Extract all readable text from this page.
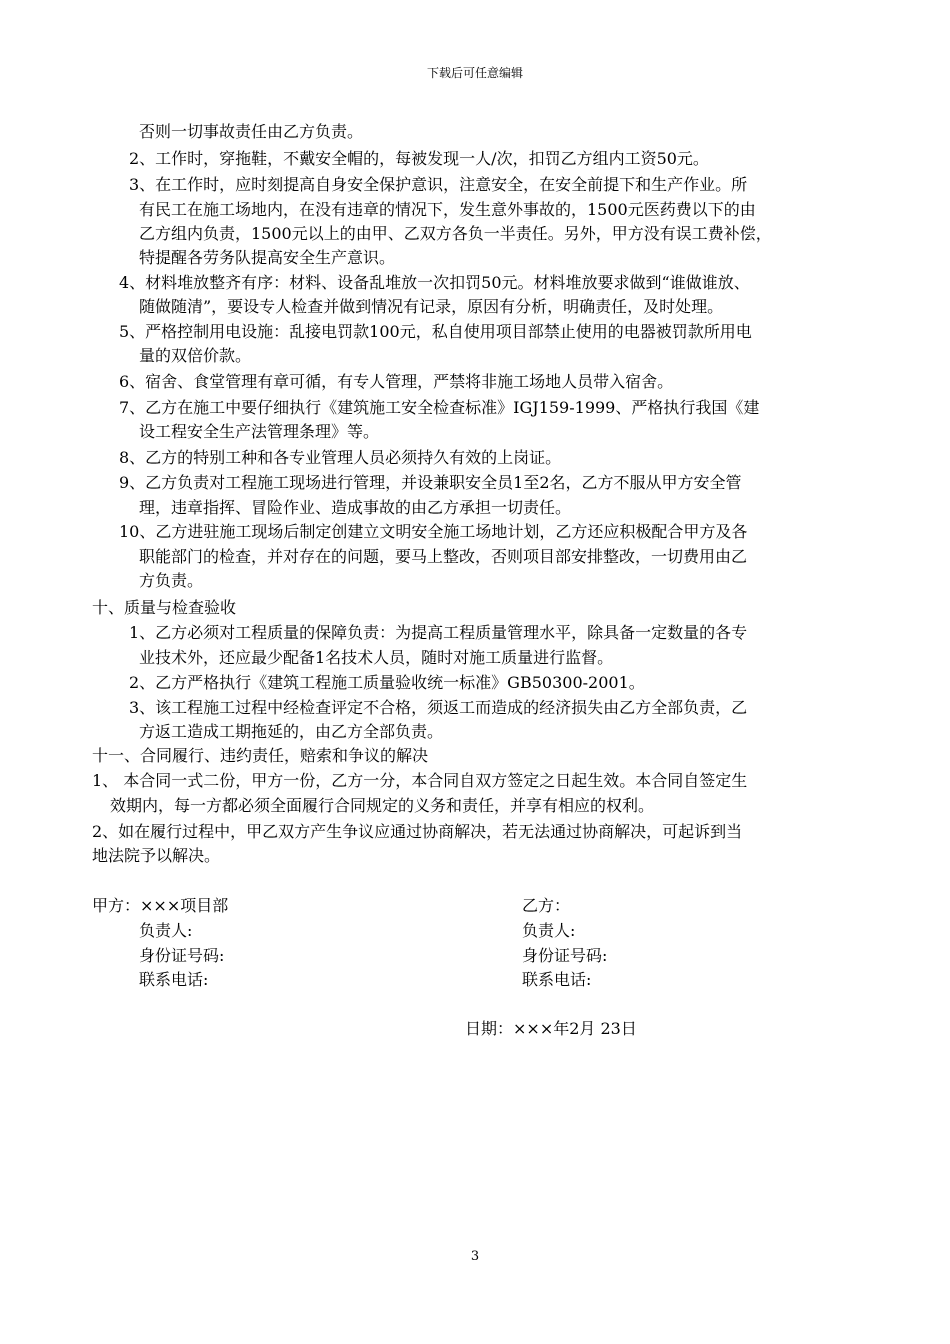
下载后可任意编辑
否则一切事故责任由乙方负责。
2、工作时，穿拖鞋，不戴安全帽的，每被发现一人/次，扣罚乙方组内工资50元。
3、在工作时，应时刻提高自身安全保护意识，注意安全，在安全前提下和生产作业。所
有民工在施工场地内，在没有违章的情况下，发生意外事故的，1500元医药费以下的由
乙方组内负责，1500元以上的由甲、乙双方各负一半责任。另外，甲方没有误工费补偿，
特提醒各劳务队提高安全生产意识。
4、材料堆放整齐有序：材料、设备乱堆放一次扣罚50元。材料堆放要求做到“谁做谁放、
随做随清”，要设专人检查并做到情况有记录，原因有分析，明确责任，及时处理。
5、严格控制用电设施：乱接电罚款100元，私自使用项目部禁止使用的电器被罚款所用电
量的双倍价款。
6、宿舍、食堂管理有章可循，有专人管理，严禁将非施工场地人员带入宿舍。
7、乙方在施工中要仔细执行《建筑施工安全检查标准》IGJ159-1999、严格执行我国《建
设工程安全生产法管理条理》等。
8、乙方的特别工种和各专业管理人员必须持久有效的上岗证。
9、乙方负责对工程施工现场进行管理，并设兼职安全员1至2名，乙方不服从甲方安全管
理，违章指挥、冒险作业、造成事故的由乙方承担一切责任。
10、乙方进驻施工现场后制定创建立文明安全施工场地计划，乙方还应积极配合甲方及各
职能部门的检查，并对存在的问题，要马上整改，否则项目部安排整改，一切费用由乙
方负责。
十、质量与检查验收
1、乙方必须对工程质量的保障负责：为提高工程质量管理水平，除具备一定数量的各专
业技术外，还应最少配备1名技术人员，随时对施工质量进行监督。
2、乙方严格执行《建筑工程施工质量验收统一标准》GB50300-2001。
3、该工程施工过程中经检查评定不合格，须返工而造成的经济损失由乙方全部负责，乙
方返工造成工期拖延的，由乙方全部负责。
十一、合同履行、违约责任，赔索和争议的解决
1、 本合同一式二份，甲方一份，乙方一分，本合同自双方签定之日起生效。本合同自签定生
效期内，每一方都必须全面履行合同规定的义务和责任，并享有相应的权利。
2、如在履行过程中，甲乙双方产生争议应通过协商解决，若无法通过协商解决，可起诉到当
地法院予以解决。
甲方：×××项目部	乙方：
负责人:	负责人:
身份证号码:	身份证号码:
联系电话:	联系电话:
日期：×××年2月 23日
3
